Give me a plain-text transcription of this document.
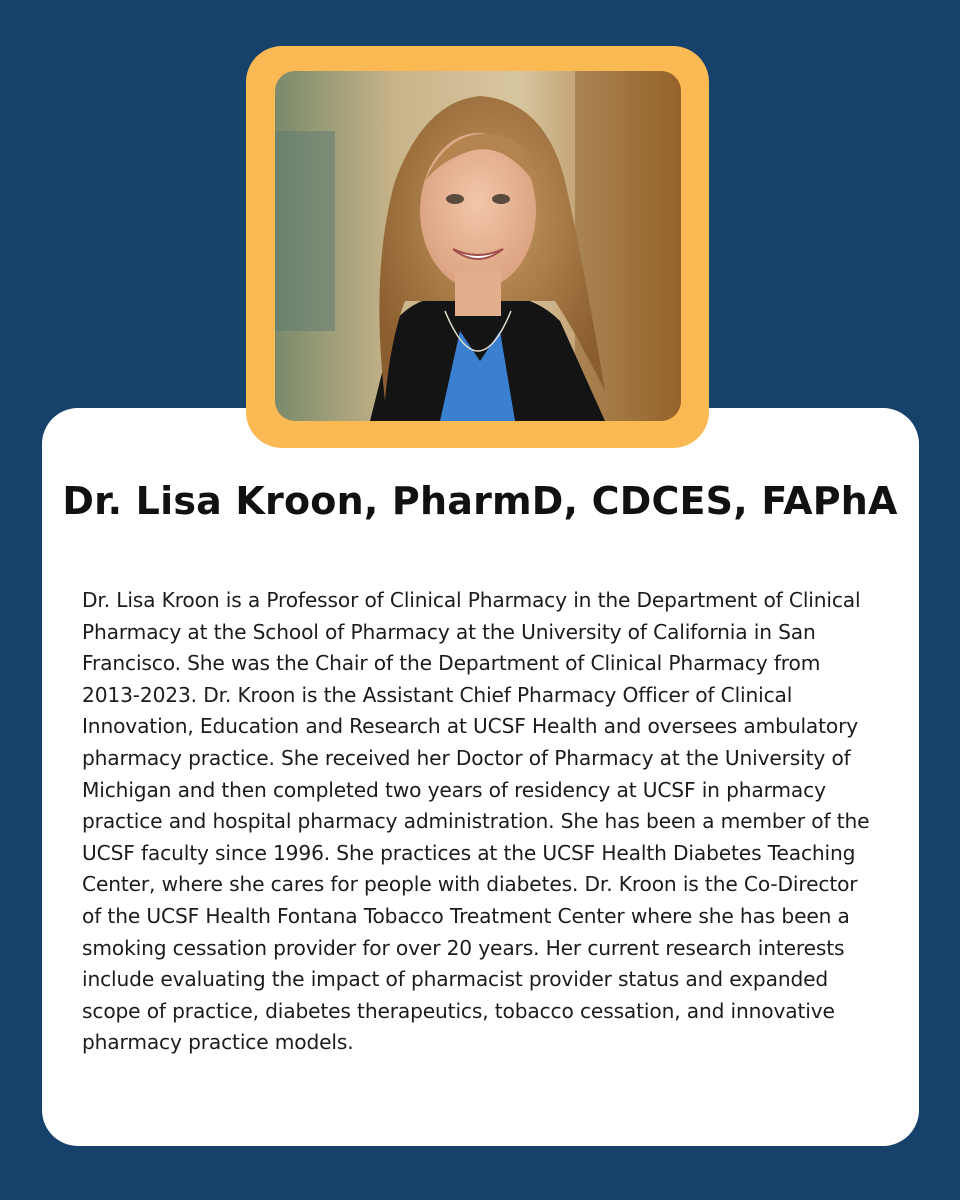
Dr. Lisa Kroon, PharmD, CDCES, FAPhA
Dr. Lisa Kroon is a Professor of Clinical Pharmacy in the Department of Clinical Pharmacy at the School of Pharmacy at the University of California in San Francisco. She was the Chair of the Department of Clinical Pharmacy from 2013-2023. Dr. Kroon is the Assistant Chief Pharmacy Officer of Clinical Innovation, Education and Research at UCSF Health and oversees ambulatory pharmacy practice. She received her Doctor of Pharmacy at the University of Michigan and then completed two years of residency at UCSF in pharmacy practice and hospital pharmacy administration. She has been a member of the UCSF faculty since 1996. She practices at the UCSF Health Diabetes Teaching Center, where she cares for people with diabetes. Dr. Kroon is the Co-Director of the UCSF Health Fontana Tobacco Treatment Center where she has been a smoking cessation provider for over 20 years. Her current research interests include evaluating the impact of pharmacist provider status and expanded scope of practice, diabetes therapeutics, tobacco cessation, and innovative pharmacy practice models.
